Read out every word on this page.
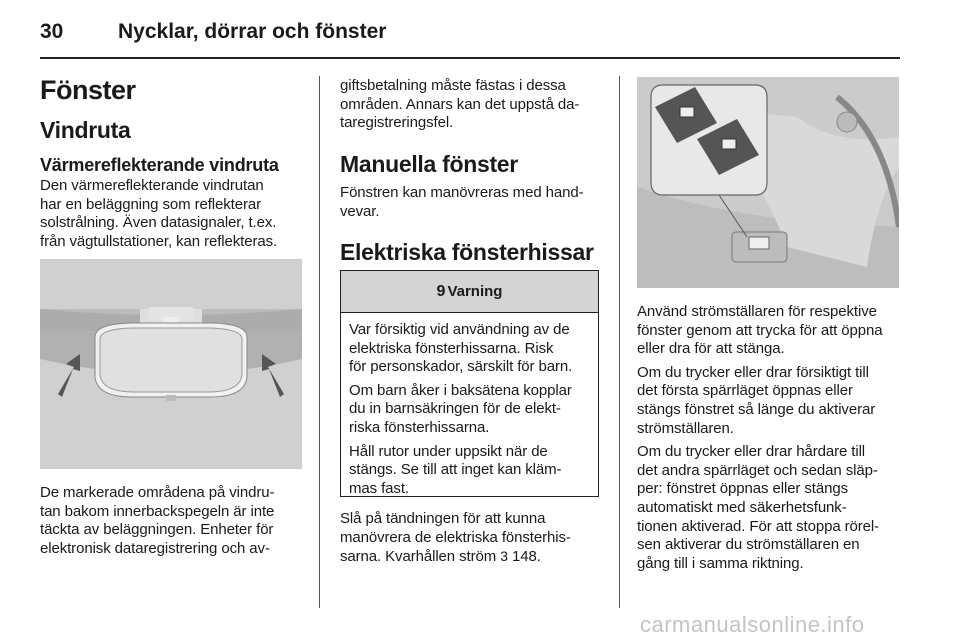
30	Nycklar, dörrar och fönster
Fönster
Vindruta
Värmereflekterande vindruta
Den värmereflekterande vindrutan
har en beläggning som reflekterar
solstrålning. Även datasignaler, t.ex.
från vägtullstationer, kan reflekteras.
De markerade områdena på vindru-
tan bakom innerbackspegeln är inte
täckta av beläggningen. Enheter för
elektronisk dataregistrering och av-
giftsbetalning måste fästas i dessa
områden. Annars kan det uppstå da-
taregistreringsfel.
Manuella fönster
Fönstren kan manövreras med hand-
vevar.
Elektriska fönsterhissar
9 Varning

Var försiktig vid användning av de
elektriska fönsterhissarna. Risk
för personskador, särskilt för barn.

Om barn åker i baksätena kopplar
du in barnsäkringen för de elekt-
riska fönsterhissarna.

Håll rutor under uppsikt när de
stängs. Se till att inget kan kläm-
mas fast.

Slå på tändningen för att kunna
manövrera de elektriska fönsterhis-
sarna. Kvarhållen ström 3 148.

Använd strömställaren för respektive
fönster genom att trycka för att öppna
eller dra för att stänga.

Om du trycker eller drar försiktigt till
det första spärrläget öppnas eller
stängs fönstret så länge du aktiverar
strömställaren.

Om du trycker eller drar hårdare till
det andra spärrläget och sedan släp-
per: fönstret öppnas eller stängs
automatiskt med säkerhetsfunk-
tionen aktiverad. För att stoppa rörel-
sen aktiverar du strömställaren en
gång till i samma riktning.

carmanualsonline.info
